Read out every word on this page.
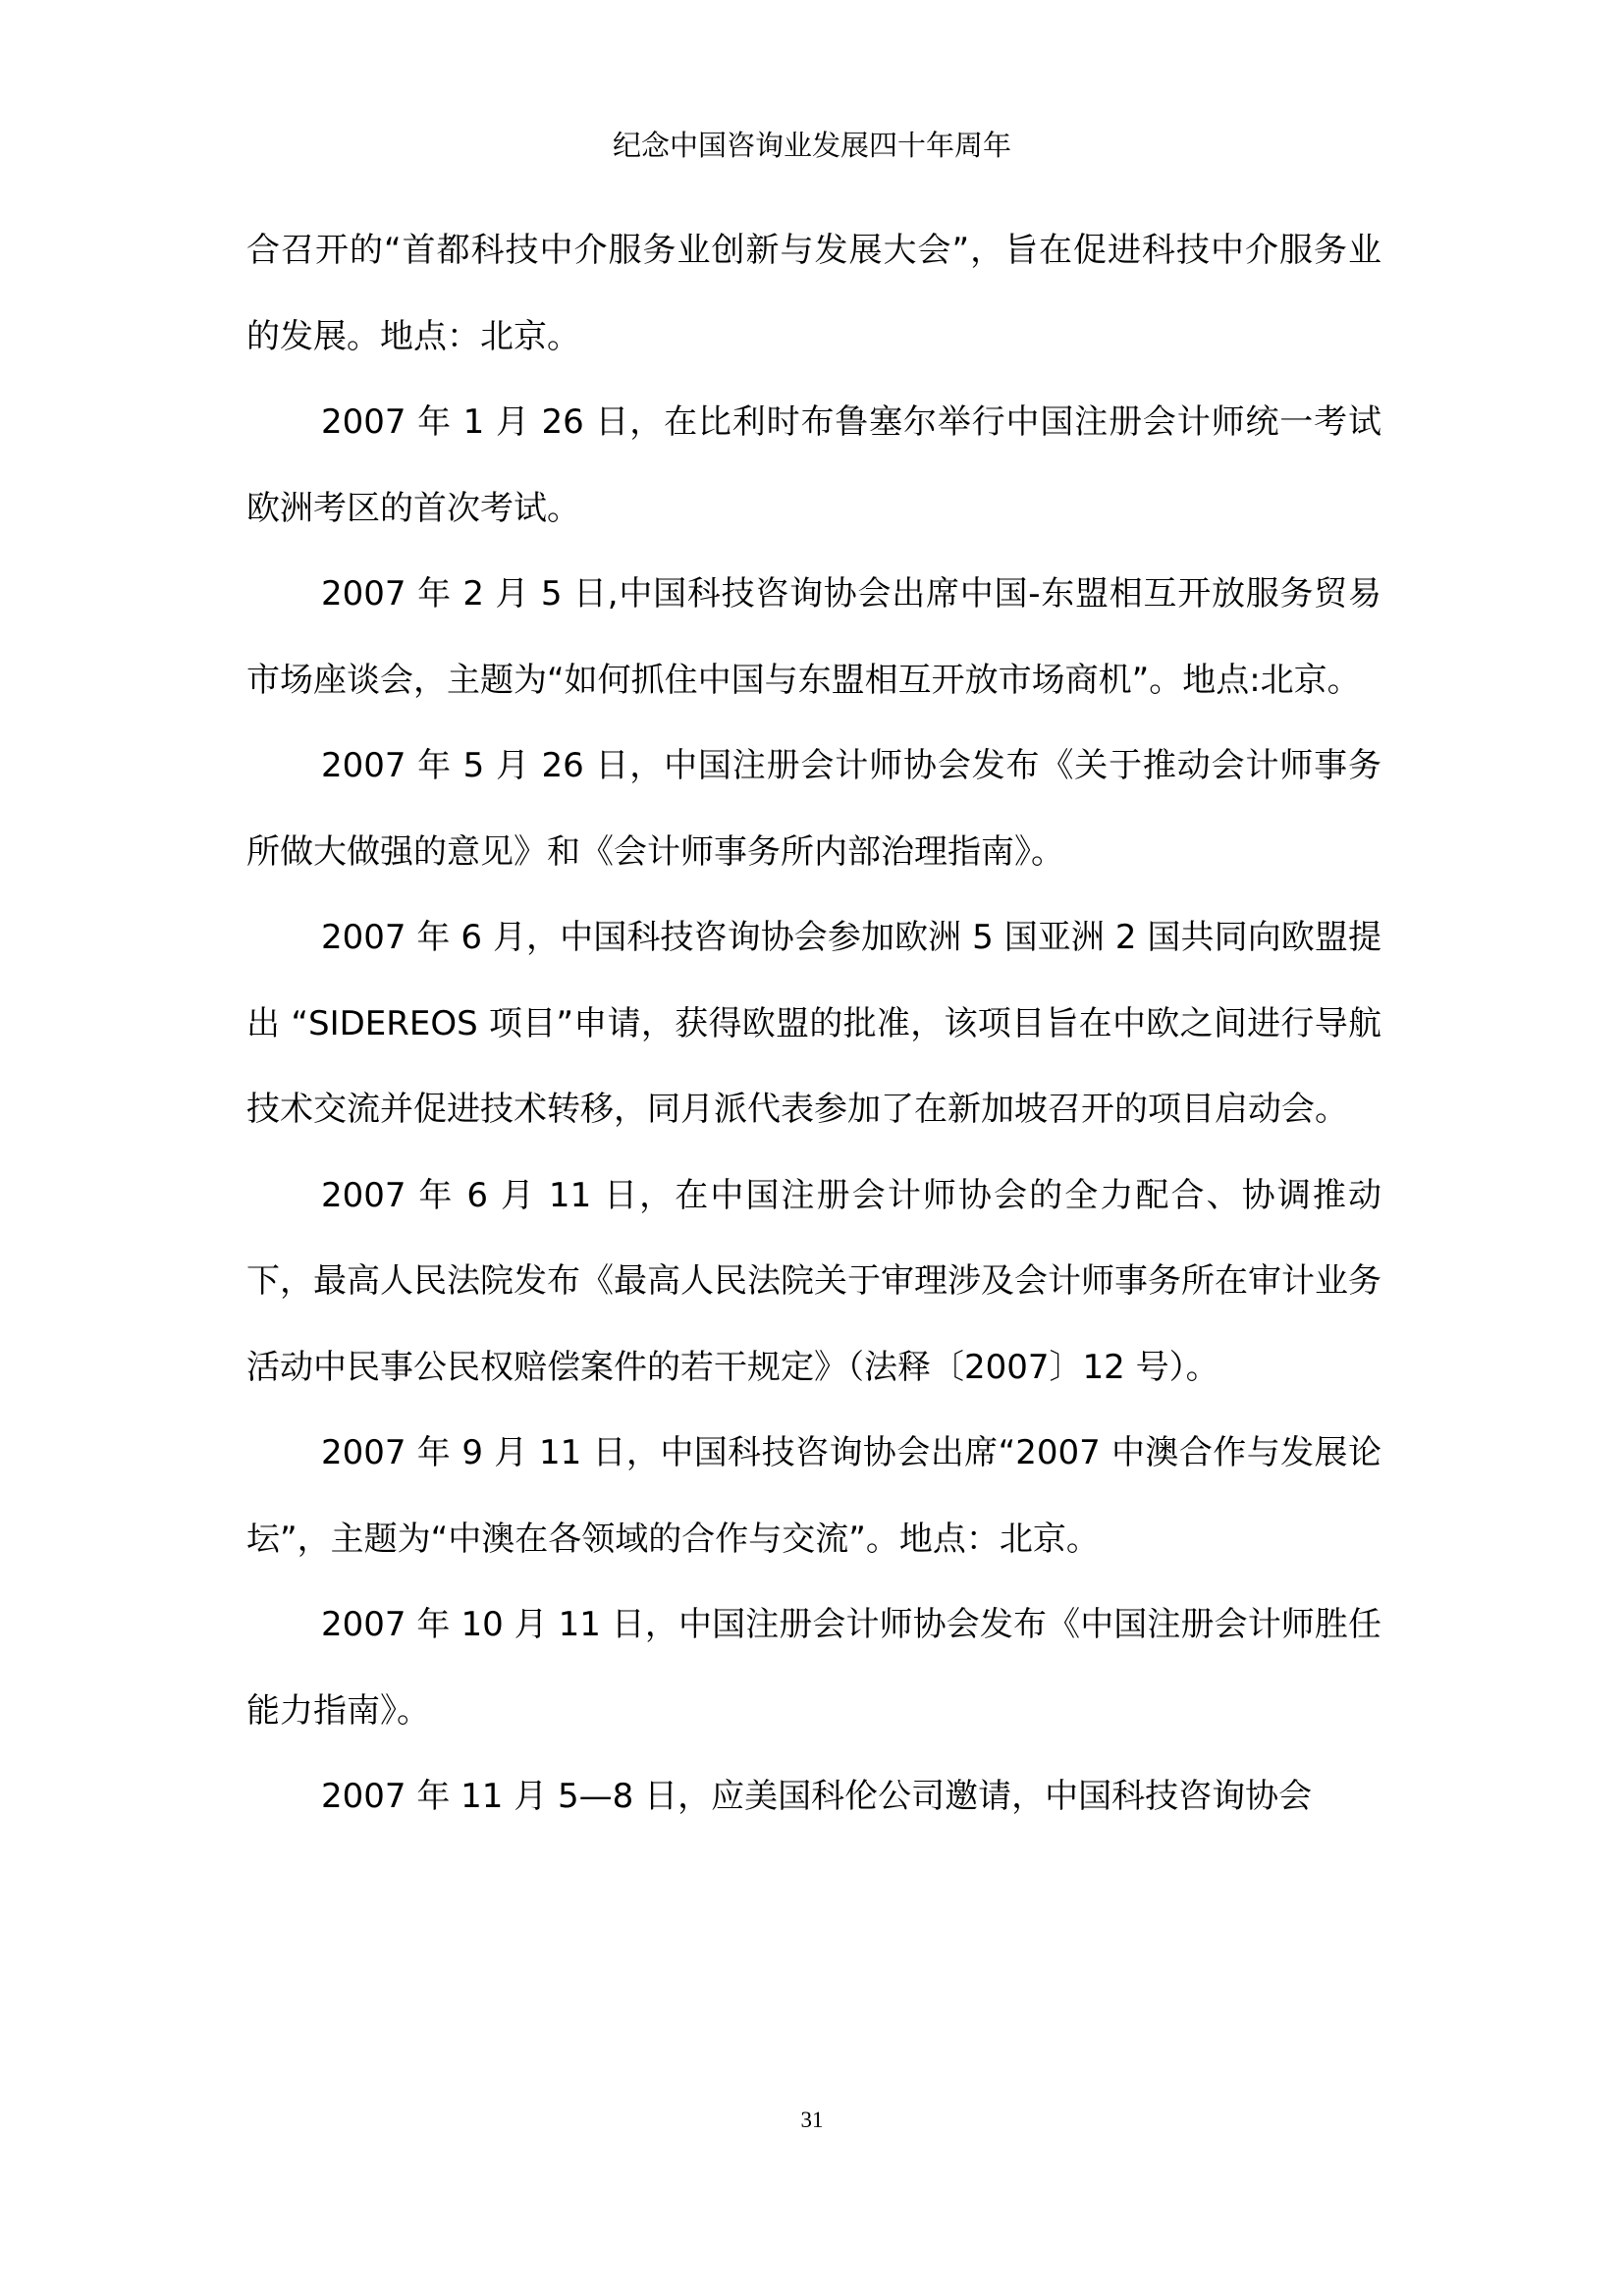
纪念中国咨询业发展四十年周年

合召开的“首都科技中介服务业创新与发展大会”，旨在促进科技中介服务业的发展。地点：北京。

2007 年 1 月 26 日，在比利时布鲁塞尔举行中国注册会计师统一考试欧洲考区的首次考试。

2007 年 2 月 5 日,中国科技咨询协会出席中国-东盟相互开放服务贸易市场座谈会，主题为“如何抓住中国与东盟相互开放市场商机”。地点:北京。

2007 年 5 月 26 日，中国注册会计师协会发布《关于推动会计师事务所做大做强的意见》和《会计师事务所内部治理指南》。

2007 年 6 月，中国科技咨询协会参加欧洲 5 国亚洲 2 国共同向欧盟提出 “SIDEREOS 项目”申请，获得欧盟的批准，该项目旨在中欧之间进行导航技术交流并促进技术转移，同月派代表参加了在新加坡召开的项目启动会。

2007 年 6 月 11 日，在中国注册会计师协会的全力配合、协调推动下，最高人民法院发布《最高人民法院关于审理涉及会计师事务所在审计业务活动中民事公民权赔偿案件的若干规定》（法释〔2007〕12 号）。

2007 年 9 月 11 日，中国科技咨询协会出席“2007 中澳合作与发展论坛”，主题为“中澳在各领域的合作与交流”。地点：北京。

2007 年 10 月 11 日，中国注册会计师协会发布《中国注册会计师胜任能力指南》。

2007 年 11 月 5—8 日，应美国科伦公司邀请，中国科技咨询协会

31
